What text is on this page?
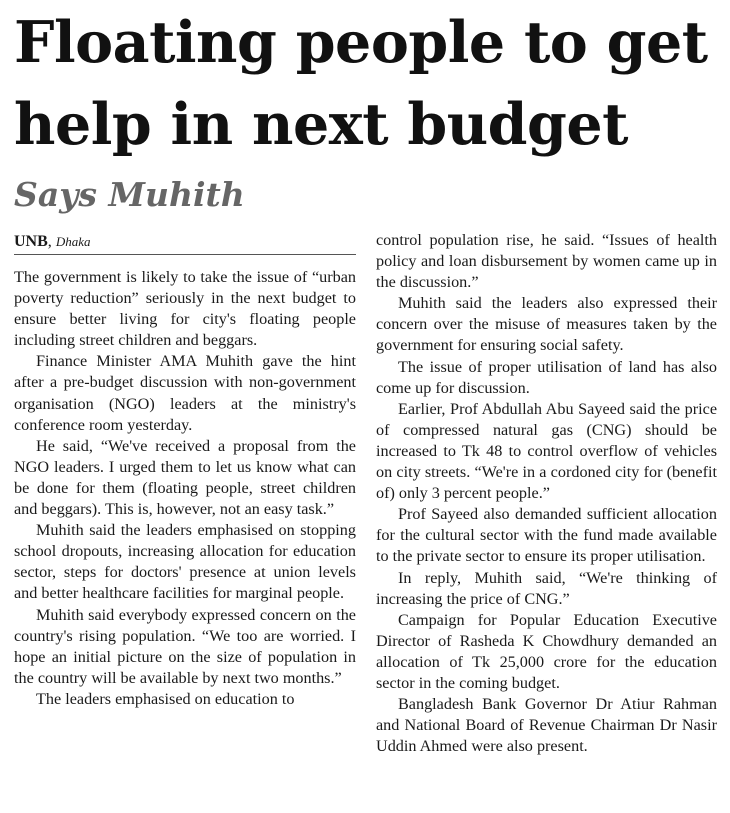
Floating people to get help in next budget
Says Muhith
UNB, Dhaka

The government is likely to take the issue of “urban poverty reduction” seriously in the next budget to ensure better living for city's floating people including street children and beggars.

Finance Minister AMA Muhith gave the hint after a pre-budget discussion with non-government organisation (NGO) leaders at the ministry's conference room yesterday.

He said, “We've received a proposal from the NGO leaders. I urged them to let us know what can be done for them (floating people, street children and beggars). This is, however, not an easy task.”

Muhith said the leaders emphasised on stopping school dropouts, increasing allocation for education sector, steps for doctors' presence at union levels and better healthcare facilities for marginal people.

Muhith said everybody expressed concern on the country's rising population. “We too are worried. I hope an initial picture on the size of population in the country will be available by next two months.”

The leaders emphasised on education to

control population rise, he said. “Issues of health policy and loan disbursement by women came up in the discussion.”

Muhith said the leaders also expressed their concern over the misuse of measures taken by the government for ensuring social safety.

The issue of proper utilisation of land has also come up for discussion.

Earlier, Prof Abdullah Abu Sayeed said the price of compressed natural gas (CNG) should be increased to Tk 48 to control overflow of vehicles on city streets. “We're in a cordoned city for (benefit of) only 3 percent people.”

Prof Sayeed also demanded sufficient allocation for the cultural sector with the fund made available to the private sector to ensure its proper utilisation.

In reply, Muhith said, “We're thinking of increasing the price of CNG.”

Campaign for Popular Education Executive Director of Rasheda K Chowdhury demanded an allocation of Tk 25,000 crore for the education sector in the coming budget.

Bangladesh Bank Governor Dr Atiur Rahman and National Board of Revenue Chairman Dr Nasir Uddin Ahmed were also present.
